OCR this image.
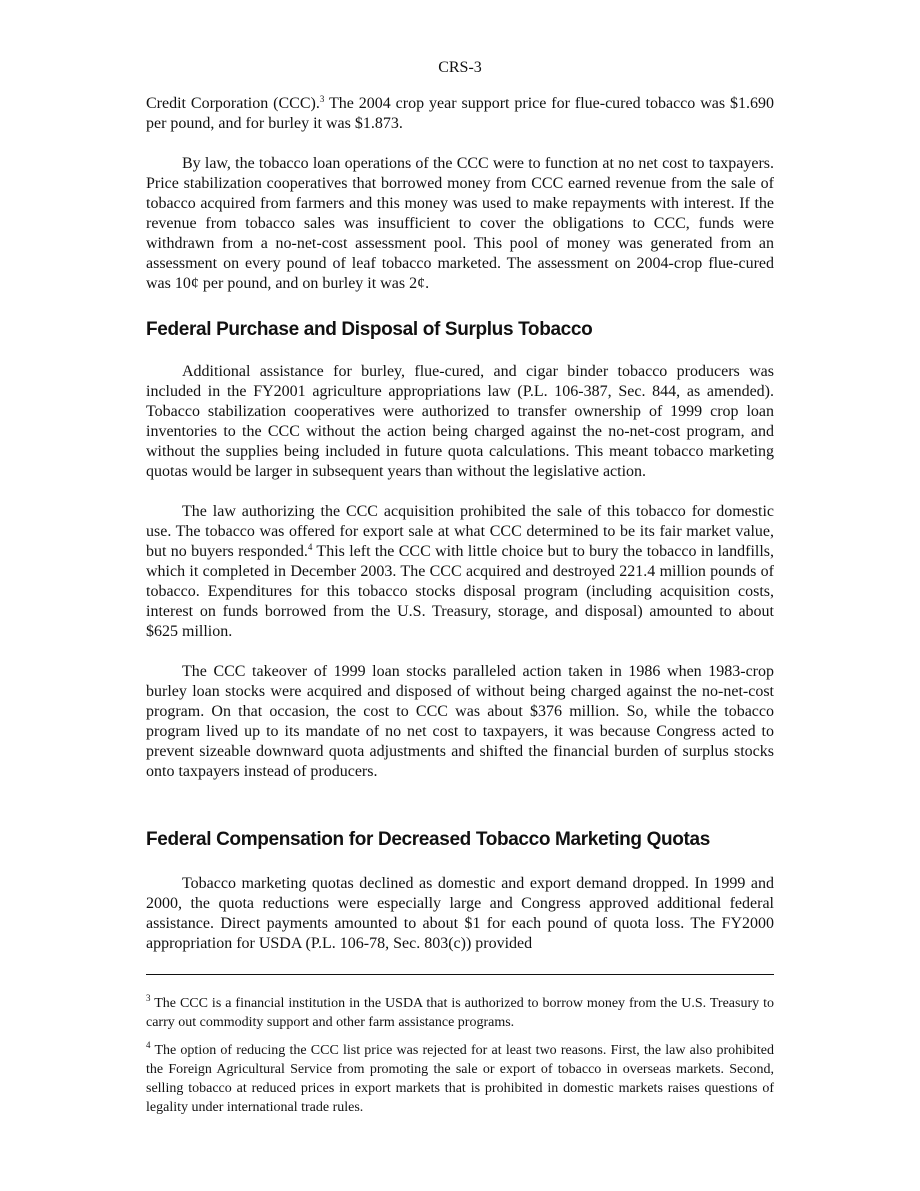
CRS-3

Credit Corporation (CCC).$^3$ The 2004 crop year support price for flue-cured tobacco was $1.690 per pound, and for burley it was $1.873.

By law, the tobacco loan operations of the CCC were to function at no net cost to taxpayers. Price stabilization cooperatives that borrowed money from CCC earned revenue from the sale of tobacco acquired from farmers and this money was used to make repayments with interest. If the revenue from tobacco sales was insufficient to cover the obligations to CCC, funds were withdrawn from a no-net-cost assessment pool. This pool of money was generated from an assessment on every pound of leaf tobacco marketed. The assessment on 2004-crop flue-cured was 10¢ per pound, and on burley it was 2¢.

Federal Purchase and Disposal of Surplus Tobacco

Additional assistance for burley, flue-cured, and cigar binder tobacco producers was included in the FY2001 agriculture appropriations law (P.L. 106-387, Sec. 844, as amended). Tobacco stabilization cooperatives were authorized to transfer ownership of 1999 crop loan inventories to the CCC without the action being charged against the no-net-cost program, and without the supplies being included in future quota calculations. This meant tobacco marketing quotas would be larger in subsequent years than without the legislative action.

The law authorizing the CCC acquisition prohibited the sale of this tobacco for domestic use. The tobacco was offered for export sale at what CCC determined to be its fair market value, but no buyers responded.$^4$ This left the CCC with little choice but to bury the tobacco in landfills, which it completed in December 2003. The CCC acquired and destroyed 221.4 million pounds of tobacco. Expenditures for this tobacco stocks disposal program (including acquisition costs, interest on funds borrowed from the U.S. Treasury, storage, and disposal) amounted to about $625 million.

The CCC takeover of 1999 loan stocks paralleled action taken in 1986 when 1983-crop burley loan stocks were acquired and disposed of without being charged against the no-net-cost program. On that occasion, the cost to CCC was about $376 million. So, while the tobacco program lived up to its mandate of no net cost to taxpayers, it was because Congress acted to prevent sizeable downward quota adjustments and shifted the financial burden of surplus stocks onto taxpayers instead of producers.

Federal Compensation for Decreased Tobacco Marketing Quotas

Tobacco marketing quotas declined as domestic and export demand dropped. In 1999 and 2000, the quota reductions were especially large and Congress approved additional federal assistance. Direct payments amounted to about $1 for each pound of quota loss. The FY2000 appropriation for USDA (P.L. 106-78, Sec. 803(c)) provided

$^3$ The CCC is a financial institution in the USDA that is authorized to borrow money from the U.S. Treasury to carry out commodity support and other farm assistance programs.

$^4$ The option of reducing the CCC list price was rejected for at least two reasons. First, the law also prohibited the Foreign Agricultural Service from promoting the sale or export of tobacco in overseas markets. Second, selling tobacco at reduced prices in export markets that is prohibited in domestic markets raises questions of legality under international trade rules.
